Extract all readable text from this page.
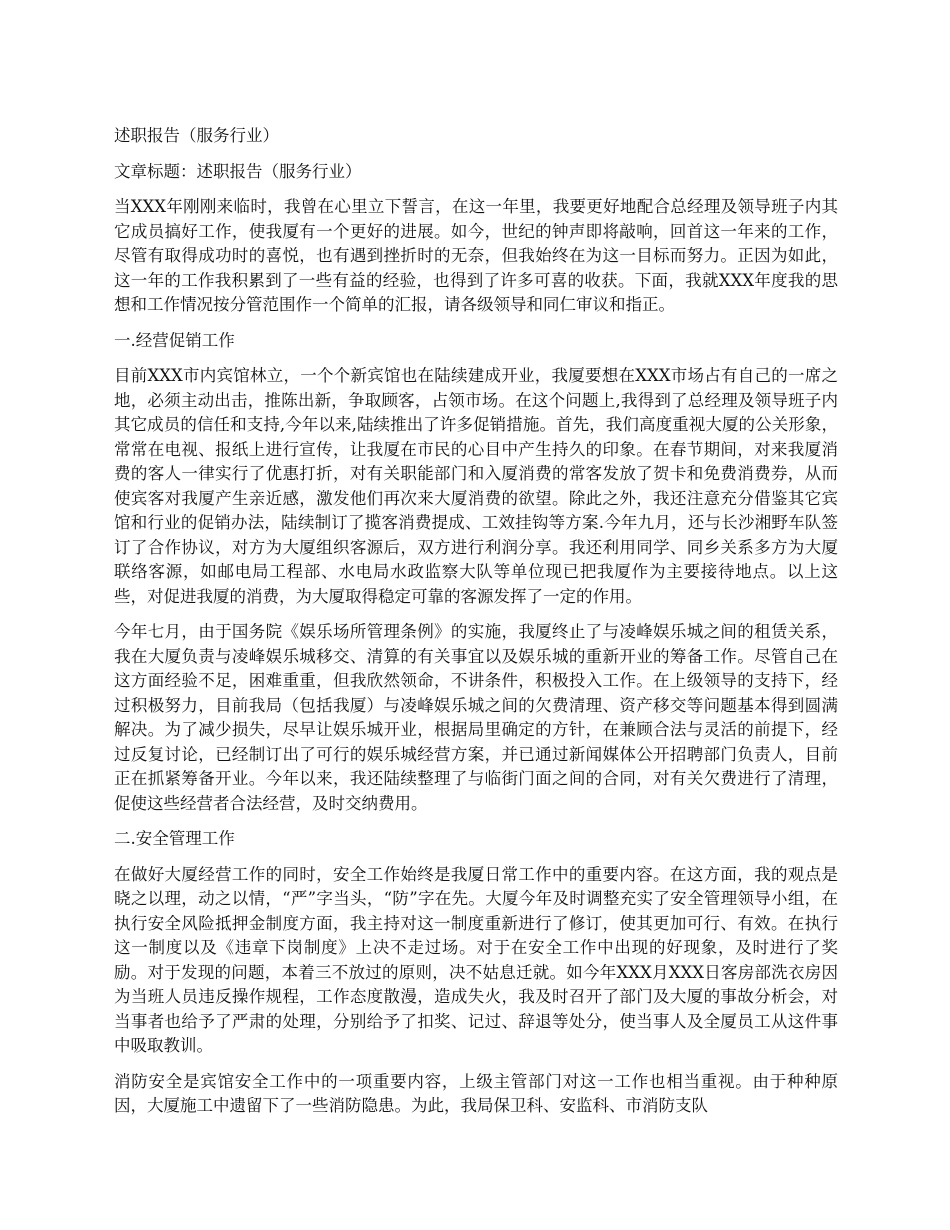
述职报告（服务行业）

文章标题：述职报告（服务行业）

当XXX年刚刚来临时，我曾在心里立下誓言，在这一年里，我要更好地配合总经理及领导班子内其它成员搞好工作，使我厦有一个更好的进展。如今，世纪的钟声即将敲响，回首这一年来的工作，尽管有取得成功时的喜悦，也有遇到挫折时的无奈，但我始终在为这一目标而努力。正因为如此，这一年的工作我积累到了一些有益的经验，也得到了许多可喜的收获。下面，我就XXX年度我的思想和工作情况按分管范围作一个简单的汇报，请各级领导和同仁审议和指正。

一.经营促销工作

目前XXX市内宾馆林立，一个个新宾馆也在陆续建成开业，我厦要想在XXX市场占有自己的一席之地，必须主动出击，推陈出新，争取顾客，占领市场。在这个问题上,我得到了总经理及领导班子内其它成员的信任和支持,今年以来,陆续推出了许多促销措施。首先，我们高度重视大厦的公关形象，常常在电视、报纸上进行宣传，让我厦在市民的心目中产生持久的印象。在春节期间，对来我厦消费的客人一律实行了优惠打折，对有关职能部门和入厦消费的常客发放了贺卡和免费消费券，从而使宾客对我厦产生亲近感，激发他们再次来大厦消费的欲望。除此之外，我还注意充分借鉴其它宾馆和行业的促销办法，陆续制订了揽客消费提成、工效挂钩等方案.今年九月，还与长沙湘野车队签订了合作协议，对方为大厦组织客源后，双方进行利润分享。我还利用同学、同乡关系多方为大厦联络客源，如邮电局工程部、水电局水政监察大队等单位现已把我厦作为主要接待地点。以上这些，对促进我厦的消费，为大厦取得稳定可靠的客源发挥了一定的作用。

今年七月，由于国务院《娱乐场所管理条例》的实施，我厦终止了与凌峰娱乐城之间的租赁关系，我在大厦负责与凌峰娱乐城移交、清算的有关事宜以及娱乐城的重新开业的筹备工作。尽管自己在这方面经验不足，困难重重，但我欣然领命，不讲条件，积极投入工作。在上级领导的支持下，经过积极努力，目前我局（包括我厦）与凌峰娱乐城之间的欠费清理、资产移交等问题基本得到圆满解决。为了减少损失，尽早让娱乐城开业，根据局里确定的方针，在兼顾合法与灵活的前提下，经过反复讨论，已经制订出了可行的娱乐城经营方案，并已通过新闻媒体公开招聘部门负责人，目前正在抓紧筹备开业。今年以来，我还陆续整理了与临街门面之间的合同，对有关欠费进行了清理，促使这些经营者合法经营，及时交纳费用。

二.安全管理工作

在做好大厦经营工作的同时，安全工作始终是我厦日常工作中的重要内容。在这方面，我的观点是晓之以理，动之以情，“严”字当头，“防”字在先。大厦今年及时调整充实了安全管理领导小组，在执行安全风险抵押金制度方面，我主持对这一制度重新进行了修订，使其更加可行、有效。在执行这一制度以及《违章下岗制度》上决不走过场。对于在安全工作中出现的好现象，及时进行了奖励。对于发现的问题，本着三不放过的原则，决不姑息迁就。如今年XXX月XXX日客房部洗衣房因为当班人员违反操作规程，工作态度散漫，造成失火，我及时召开了部门及大厦的事故分析会，对当事者也给予了严肃的处理，分别给予了扣奖、记过、辞退等处分，使当事人及全厦员工从这件事中吸取教训。

消防安全是宾馆安全工作中的一项重要内容，上级主管部门对这一工作也相当重视。由于种种原因，大厦施工中遗留下了一些消防隐患。为此，我局保卫科、安监科、市消防支队
